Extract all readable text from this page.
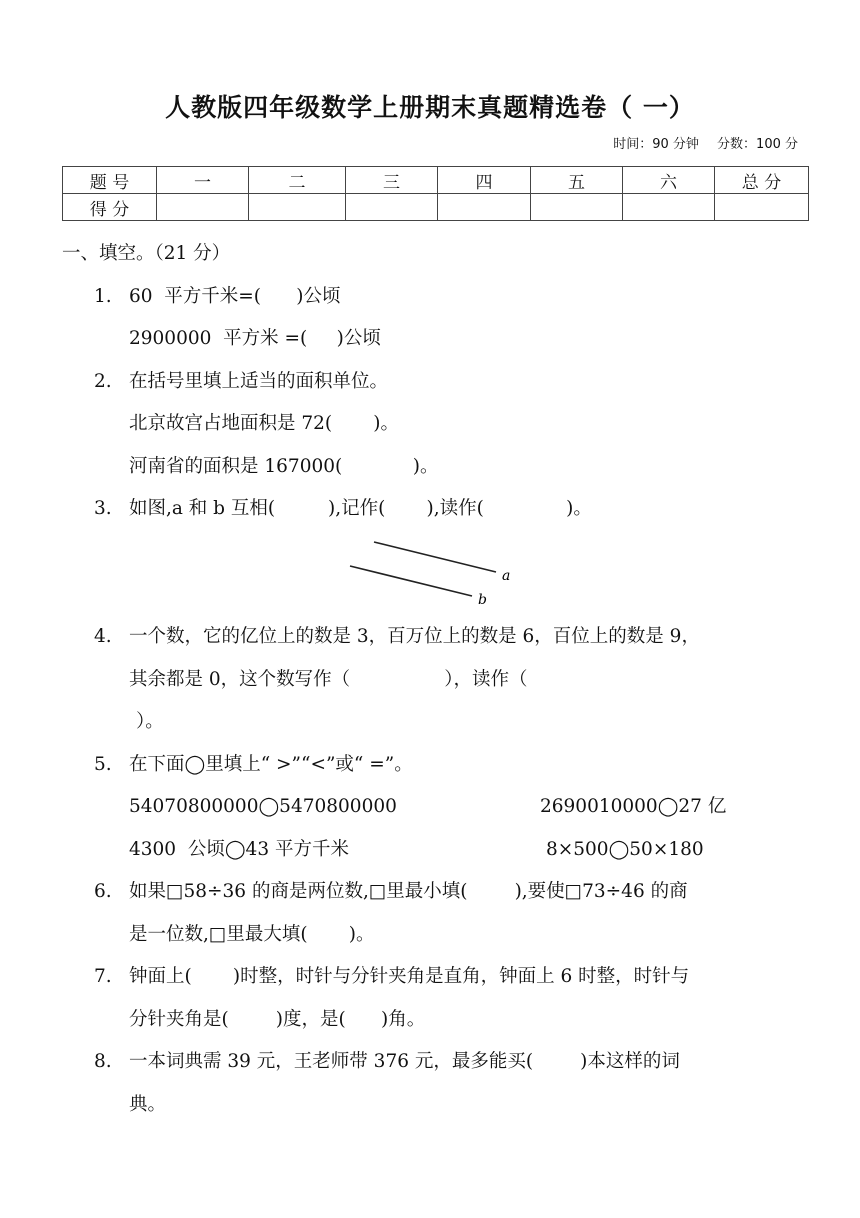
人教版四年级数学上册期末真题精选卷（ 一）
时间：90 分钟 分数：100 分
题 号	一	二	三	四	五	六	总 分
得 分							
一、填空。（21 分）
1. 60  平方千米=(      )公顷
2900000  平方米 =(     )公顷
2. 在括号里填上适当的面积单位。
北京故宫占地面积是 72(       )。
河南省的面积是 167000(            )。
3. 如图,a 和 b 互相(         ),记作(       ),读作(              )。
a
b
4. 一个数，它的亿位上的数是 3，百万位上的数是 6，百位上的数是 9，
其余都是 0，这个数写作（                ），读作（
）。
5. 在下面◯里填上“ >”“<”或“ =”。
54070800000◯5470800000	2690010000◯27 亿
4300  公顷◯43 平方千米	8×500◯50×180
6. 如果□58÷36 的商是两位数,□里最小填(        ),要使□73÷46 的商
是一位数,□里最大填(       )。
7. 钟面上(       )时整，时针与分针夹角是直角，钟面上 6 时整，时针与
分针夹角是(        )度，是(      )角。
8. 一本词典需 39 元，王老师带 376 元，最多能买(        )本这样的词
典。
